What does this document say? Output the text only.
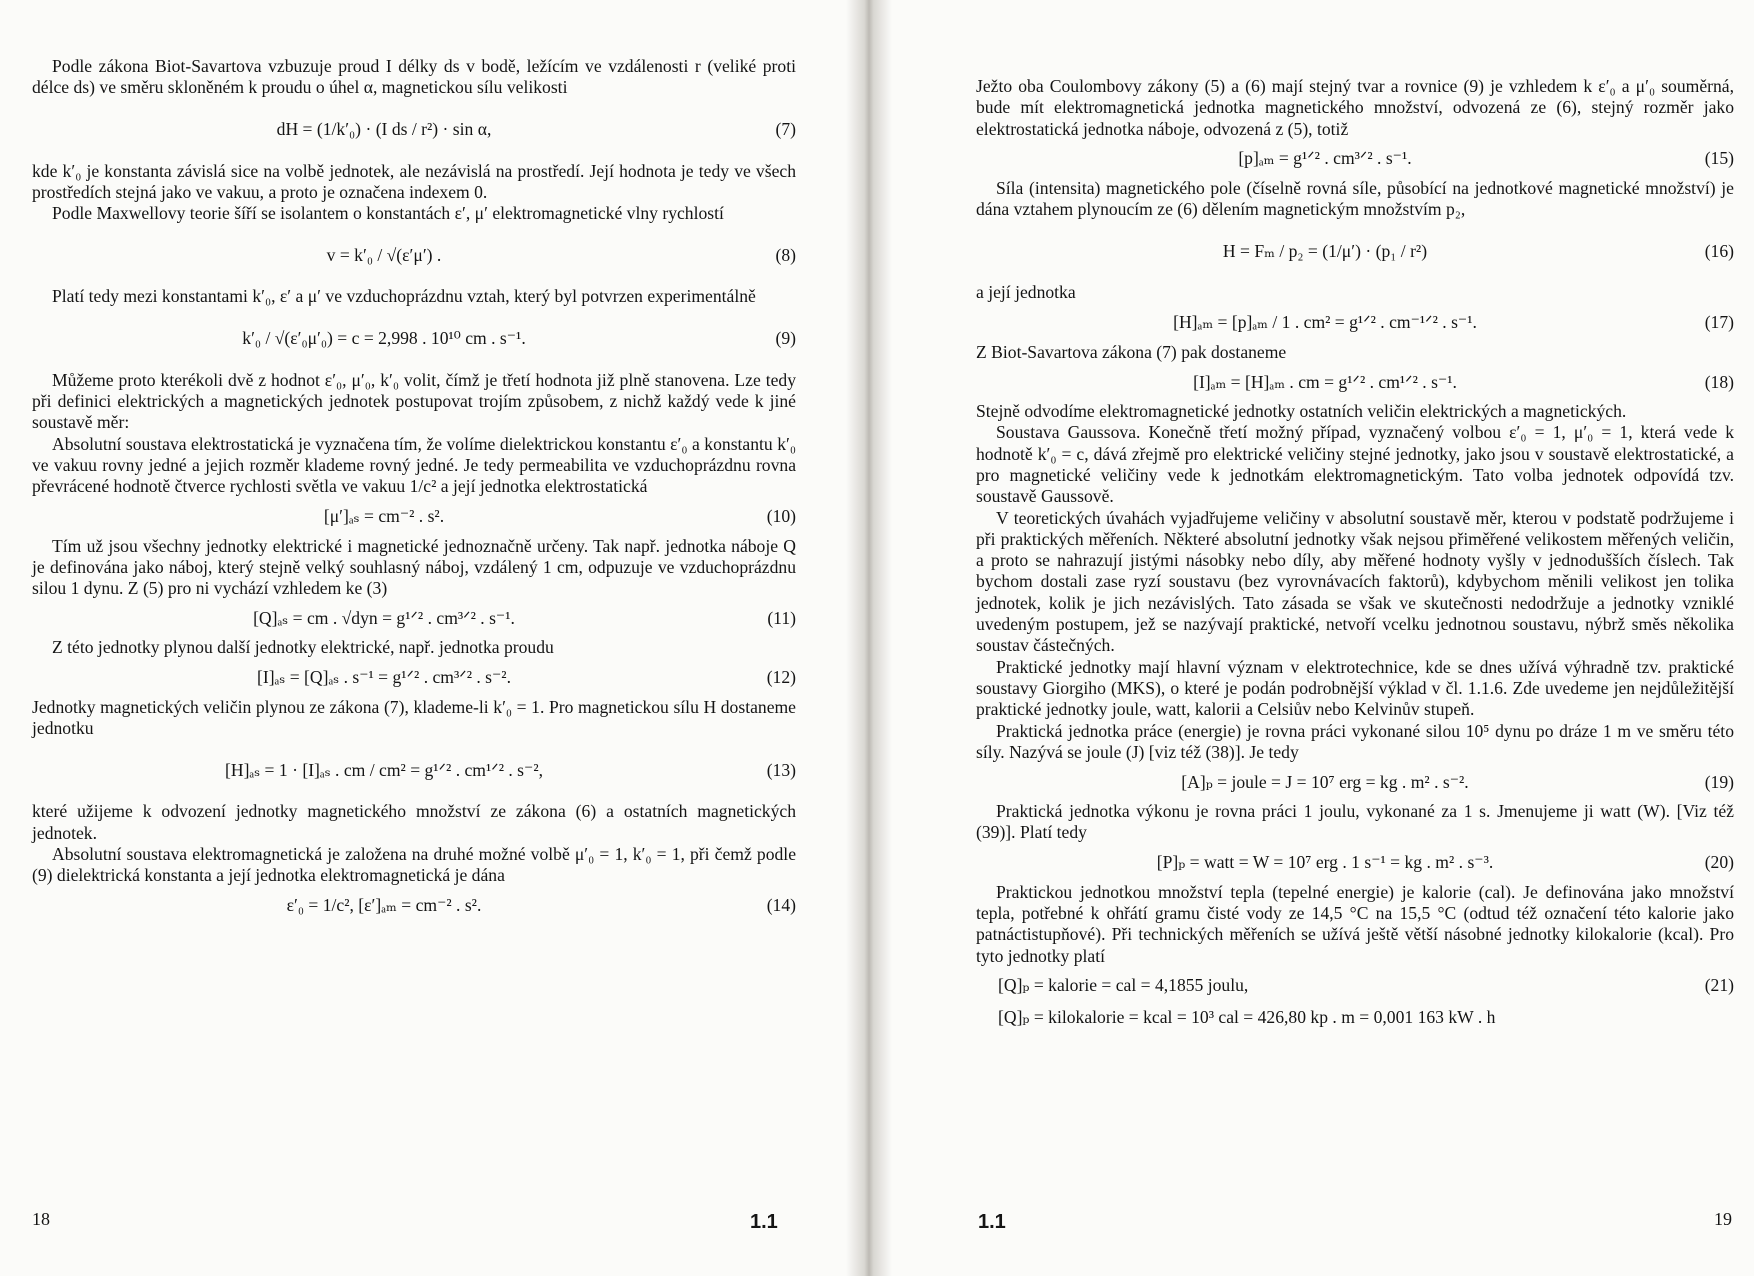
Podle zákona Biot-Savartova vzbuzuje proud I délky ds v bodě, ležícím ve vzdálenosti r (veliké proti délce ds) ve směru skloněném k proudu o úhel α, magnetickou sílu velikosti

dH = (1/k′₀) · (I ds / r²) · sin α,	(7)

kde k′₀ je konstanta závislá sice na volbě jednotek, ale nezávislá na prostředí. Její hodnota je tedy ve všech prostředích stejná jako ve vakuu, a proto je označena indexem 0.

Podle Maxwellovy teorie šíří se isolantem o konstantách ε′, μ′ elektromagnetické vlny rychlostí

v = k′₀ / √(ε′μ′) .	(8)

Platí tedy mezi konstantami k′₀, ε′ a μ′ ve vzduchoprázdnu vztah, který byl potvrzen experimentálně

k′₀ / √(ε′₀μ′₀) = c = 2,998 . 10¹⁰ cm . s⁻¹.	(9)

Můžeme proto kterékoli dvě z hodnot ε′₀, μ′₀, k′₀ volit, čímž je třetí hodnota již plně stanovena. Lze tedy při definici elektrických a magnetických jednotek postupovat trojím způsobem, z nichž každý vede k jiné soustavě měr:

Absolutní soustava elektrostatická je vyznačena tím, že volíme dielektrickou konstantu ε′₀ a konstantu k′₀ ve vakuu rovny jedné a jejich rozměr klademe rovný jedné. Je tedy permeabilita ve vzduchoprázdnu rovna převrácené hodnotě čtverce rychlosti světla ve vakuu 1/c² a její jednotka elektrostatická

[μ′]ₐₛ = cm⁻² . s².	(10)

Tím už jsou všechny jednotky elektrické i magnetické jednoznačně určeny. Tak např. jednotka náboje Q je definována jako náboj, který stejně velký souhlasný náboj, vzdálený 1 cm, odpuzuje ve vzduchoprázdnu silou 1 dynu. Z (5) pro ni vychází vzhledem ke (3)

[Q]ₐₛ = cm . √dyn = g¹ᐟ² . cm³ᐟ² . s⁻¹.	(11)

Z této jednotky plynou další jednotky elektrické, např. jednotka proudu

[I]ₐₛ = [Q]ₐₛ . s⁻¹ = g¹ᐟ² . cm³ᐟ² . s⁻².	(12)

Jednotky magnetických veličin plynou ze zákona (7), klademe-li k′₀ = 1. Pro magnetickou sílu H dostaneme jednotku

[H]ₐₛ = 1 · [I]ₐₛ . cm / cm² = g¹ᐟ² . cm¹ᐟ² . s⁻²,	(13)

které užijeme k odvození jednotky magnetického množství ze zákona (6) a ostatních magnetických jednotek.

Absolutní soustava elektromagnetická je založena na druhé možné volbě μ′₀ = 1, k′₀ = 1, při čemž podle (9) dielektrická konstanta a její jednotka elektromagnetická je dána

ε′₀ = 1/c², [ε′]ₐₘ = cm⁻² . s².	(14)
18	1.1

Ježto oba Coulombovy zákony (5) a (6) mají stejný tvar a rovnice (9) je vzhledem k ε′₀ a μ′₀ souměrná, bude mít elektromagnetická jednotka magnetického množství, odvozená ze (6), stejný rozměr jako elektrostatická jednotka náboje, odvozená z (5), totiž

[p]ₐₘ = g¹ᐟ² . cm³ᐟ² . s⁻¹.	(15)

Síla (intensita) magnetického pole (číselně rovná síle, působící na jednotkové magnetické množství) je dána vztahem plynoucím ze (6) dělením magnetickým množstvím p₂,

H = Fₘ / p₂ = (1/μ′) · (p₁ / r²)	(16)

a její jednotka

[H]ₐₘ = [p]ₐₘ / 1 . cm² = g¹ᐟ² . cm⁻¹ᐟ² . s⁻¹.	(17)

Z Biot-Savartova zákona (7) pak dostaneme

[I]ₐₘ = [H]ₐₘ . cm = g¹ᐟ² . cm¹ᐟ² . s⁻¹.	(18)

Stejně odvodíme elektromagnetické jednotky ostatních veličin elektrických a magnetických.

Soustava Gaussova. Konečně třetí možný případ, vyznačený volbou ε′₀ = 1, μ′₀ = 1, která vede k hodnotě k′₀ = c, dává zřejmě pro elektrické veličiny stejné jednotky, jako jsou v soustavě elektrostatické, a pro magnetické veličiny vede k jednotkám elektromagnetickým. Tato volba jednotek odpovídá tzv. soustavě Gaussově.

V teoretických úvahách vyjadřujeme veličiny v absolutní soustavě měr, kterou v podstatě podržujeme i při praktických měřeních. Některé absolutní jednotky však nejsou přiměřené velikostem měřených veličin, a proto se nahrazují jistými násobky nebo díly, aby měřené hodnoty vyšly v jednodušších číslech. Tak bychom dostali zase ryzí soustavu (bez vyrovnávacích faktorů), kdybychom měnili velikost jen tolika jednotek, kolik je jich nezávislých. Tato zásada se však ve skutečnosti nedodržuje a jednotky vzniklé uvedeným postupem, jež se nazývají praktické, netvoří vcelku jednotnou soustavu, nýbrž směs několika soustav částečných.

Praktické jednotky mají hlavní význam v elektrotechnice, kde se dnes užívá výhradně tzv. praktické soustavy Giorgiho (MKS), o které je podán podrobnější výklad v čl. 1.1.6. Zde uvedeme jen nejdůležitější praktické jednotky joule, watt, kalorii a Celsiův nebo Kelvinův stupeň.

Praktická jednotka práce (energie) je rovna práci vykonané silou 10⁵ dynu po dráze 1 m ve směru této síly. Nazývá se joule (J) [viz též (38)]. Je tedy

[A]ₚ = joule = J = 10⁷ erg = kg . m² . s⁻².	(19)

Praktická jednotka výkonu je rovna práci 1 joulu, vykonané za 1 s. Jmenujeme ji watt (W). [Viz též (39)]. Platí tedy

[P]ₚ = watt = W = 10⁷ erg . 1 s⁻¹ = kg . m² . s⁻³.	(20)

Praktickou jednotkou množství tepla (tepelné energie) je kalorie (cal). Je definována jako množství tepla, potřebné k ohřátí gramu čisté vody ze 14,5 °C na 15,5 °C (odtud též označení této kalorie jako patnáctistupňové). Při technických měřeních se užívá ještě větší násobné jednotky kilokalorie (kcal). Pro tyto jednotky platí

[Q]ₚ = kalorie = cal = 4,1855 joulu,	(21)
[Q]ₚ = kilokalorie = kcal = 10³ cal = 426,80 kp . m = 0,001 163 kW . h
1.1	19
